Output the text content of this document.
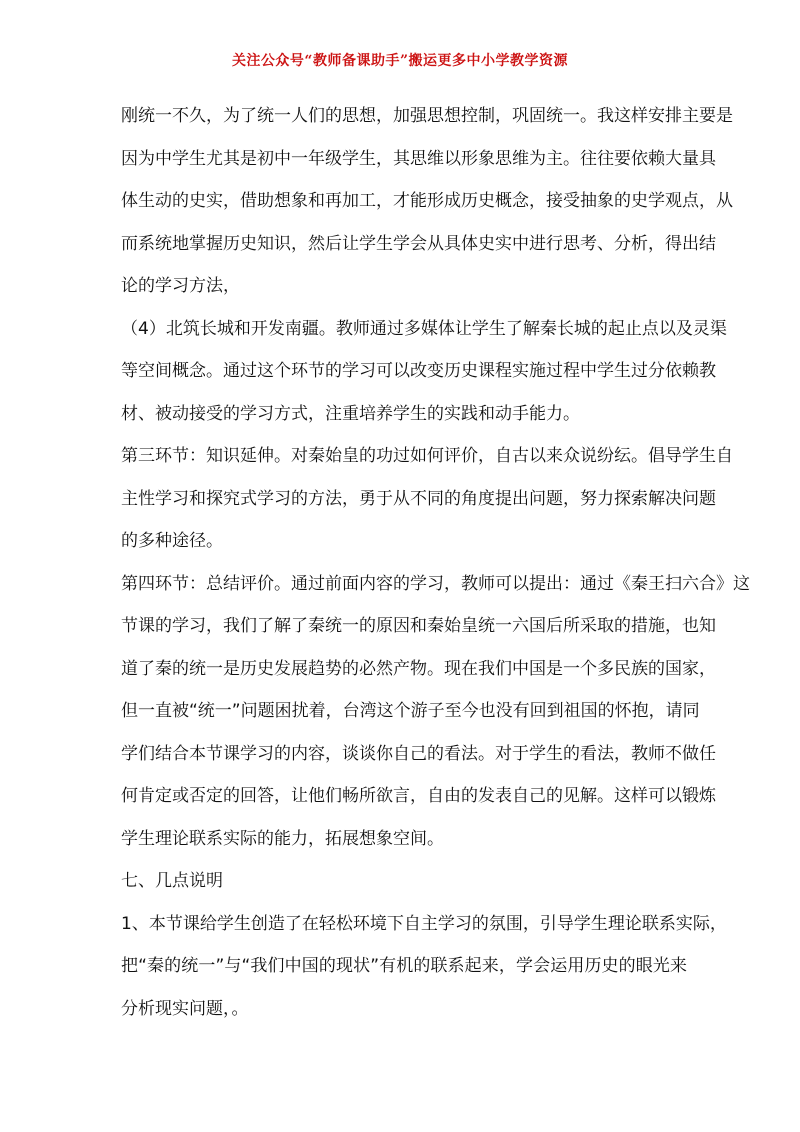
关注公众号“教师备课助手”搬运更多中小学教学资源
刚统一不久，为了统一人们的思想，加强思想控制，巩固统一。我这样安排主要是
因为中学生尤其是初中一年级学生，其思维以形象思维为主。往往要依赖大量具
体生动的史实，借助想象和再加工，才能形成历史概念，接受抽象的史学观点，从
而系统地掌握历史知识，然后让学生学会从具体史实中进行思考、分析，得出结
论的学习方法，
（4）北筑长城和开发南疆。教师通过多媒体让学生了解秦长城的起止点以及灵渠
等空间概念。通过这个环节的学习可以改变历史课程实施过程中学生过分依赖教
材、被动接受的学习方式，注重培养学生的实践和动手能力。
第三环节：知识延伸。对秦始皇的功过如何评价，自古以来众说纷纭。倡导学生自
主性学习和探究式学习的方法，勇于从不同的角度提出问题，努力探索解决问题
的多种途径。
第四环节：总结评价。通过前面内容的学习，教师可以提出：通过《秦王扫六合》这
节课的学习，我们了解了秦统一的原因和秦始皇统一六国后所采取的措施，也知
道了秦的统一是历史发展趋势的必然产物。现在我们中国是一个多民族的国家，
但一直被“统一”问题困扰着，台湾这个游子至今也没有回到祖国的怀抱，请同
学们结合本节课学习的内容，谈谈你自己的看法。对于学生的看法，教师不做任
何肯定或否定的回答，让他们畅所欲言，自由的发表自己的见解。这样可以锻炼
学生理论联系实际的能力，拓展想象空间。
七、几点说明
1、本节课给学生创造了在轻松环境下自主学习的氛围，引导学生理论联系实际，
把“秦的统一”与“我们中国的现状”有机的联系起来，学会运用历史的眼光来
分析现实问题，。
